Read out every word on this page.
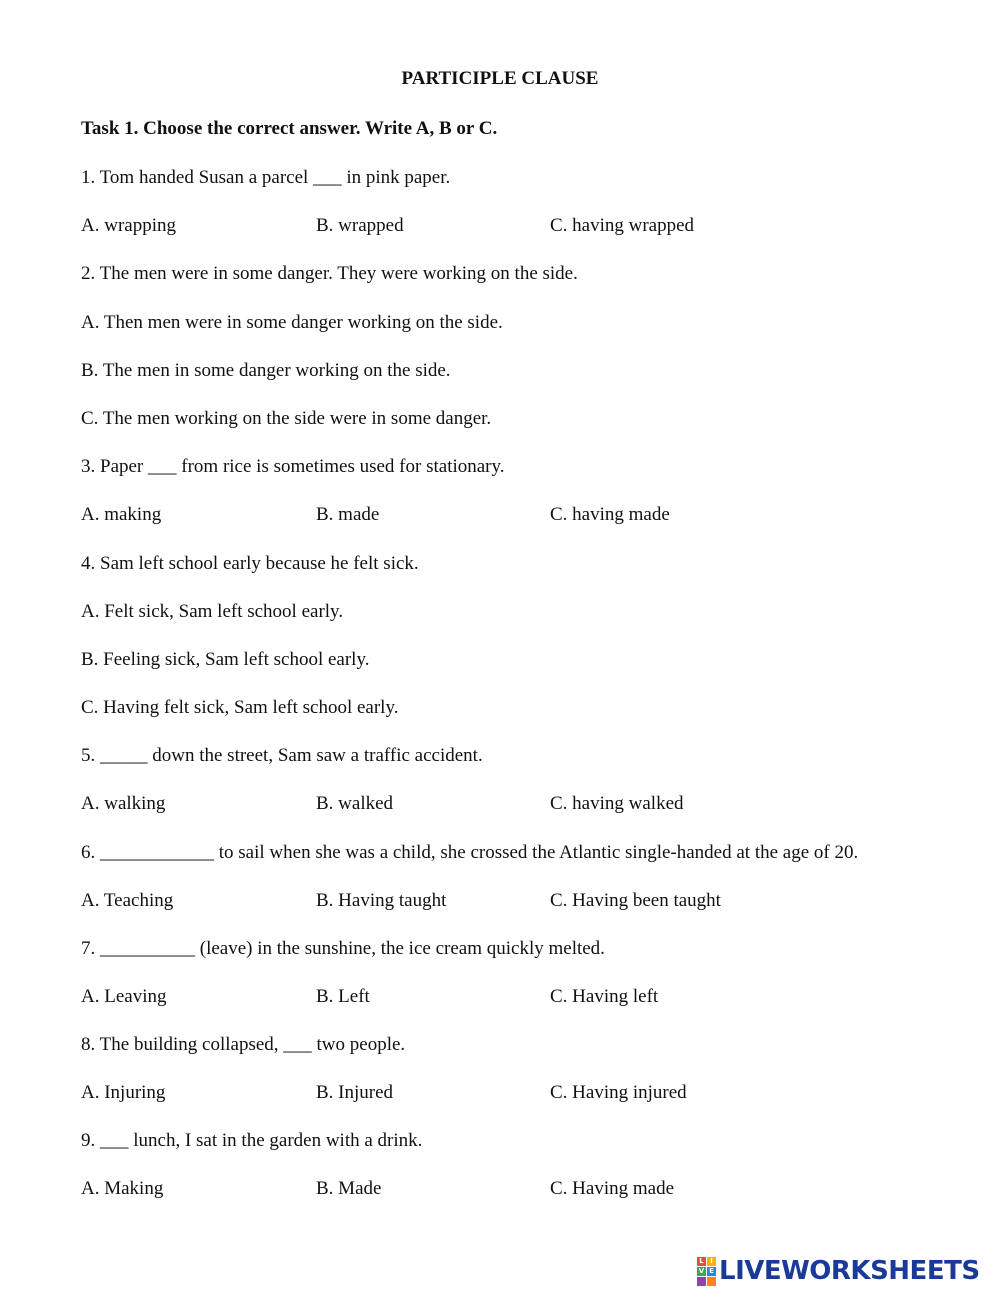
PARTICIPLE CLAUSE
Task 1. Choose the correct answer. Write A, B or C.
1. Tom handed Susan a parcel ___ in pink paper.
A. wrapping	B. wrapped	C. having wrapped
2. The men were in some danger. They were working on the side.
A. Then men were in some danger working on the side.
B. The men in some danger working on the side.
C. The men working on the side were in some danger.
3. Paper ___ from rice is sometimes used for stationary.
A. making	B. made	C. having made
4. Sam left school early because he felt sick.
A. Felt sick, Sam left school early.
B. Feeling sick, Sam left school early.
C. Having felt sick, Sam left school early.
5. _____ down the street, Sam saw a traffic accident.
A. walking	B. walked	C. having walked
6. ____________ to sail when she was a child, she crossed the Atlantic single-handed at the age of 20.
A. Teaching	B. Having taught	C. Having been taught
7. __________ (leave) in the sunshine, the ice cream quickly melted.
A. Leaving	B. Left	C. Having left
8. The building collapsed, ___ two people.
A. Injuring	B. Injured	C. Having injured
9. ___ lunch, I sat in the garden with a drink.
A. Making	B. Made	C. Having made
L I
V E LIVEWORKSHEETS
